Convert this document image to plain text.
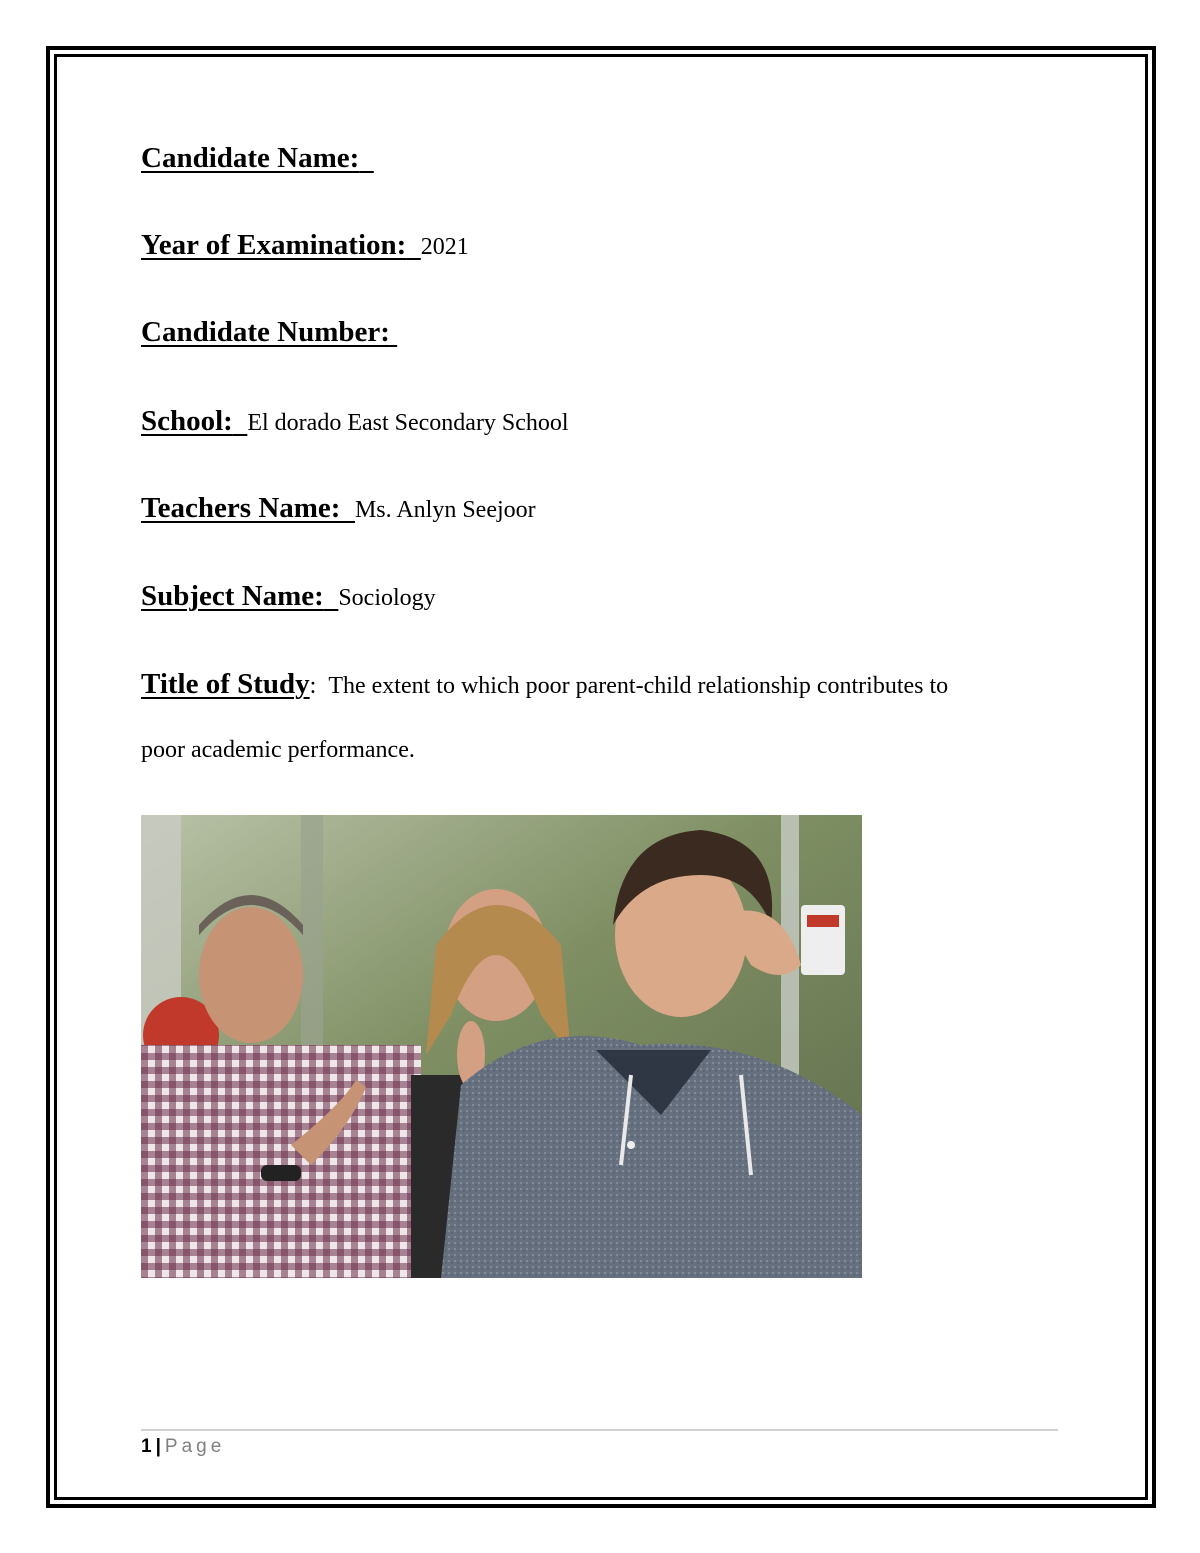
Candidate Name:
Year of Examination: 2021
Candidate Number:
School: El dorado East Secondary School
Teachers Name: Ms. Anlyn Seejoor
Subject Name: Sociology
Title of Study: The extent to which poor parent-child relationship contributes to
poor academic performance.
1 | Page
